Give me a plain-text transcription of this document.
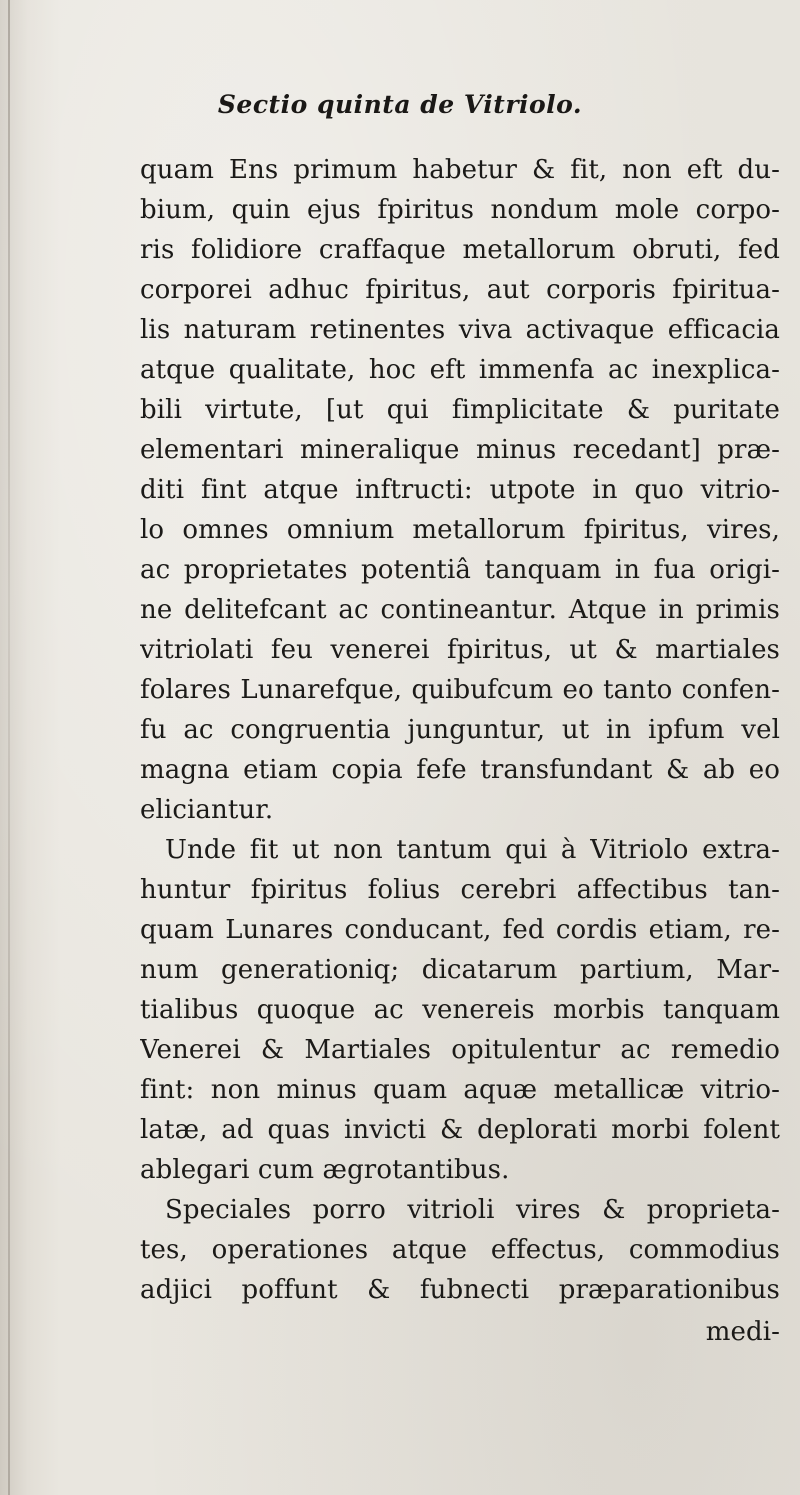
Sectio quinta de Vitriolo.
quam Ens primum habetur & fit, non eft du-
bium, quin ejus fpiritus nondum mole corpo-
ris folidiore craffaque metallorum obruti, fed
corporei adhuc fpiritus, aut corporis fpiritua-
lis naturam retinentes viva activaque efficacia
atque qualitate, hoc eft immenfa ac inexplica-
bili virtute, [ut qui fimplicitate & puritate
elementari mineralique minus recedant] præ-
diti fint atque inftructi: utpote in quo vitrio-
lo omnes omnium metallorum fpiritus, vires,
ac proprietates potentiâ tanquam in fua origi-
ne delitefcant ac contineantur. Atque in primis
vitriolati feu venerei fpiritus, ut & martiales
folares Lunarefque, quibufcum eo tanto confen-
fu ac congruentia junguntur, ut in ipfum vel
magna etiam copia fefe transfundant & ab eo
eliciantur.
Unde fit ut non tantum qui à Vitriolo extra-
huntur fpiritus folius cerebri affectibus tan-
quam Lunares conducant, fed cordis etiam, re-
num generationiq; dicatarum partium, Mar-
tialibus quoque ac venereis morbis tanquam
Venerei & Martiales opitulentur ac remedio
fint: non minus quam aquæ metallicæ vitrio-
latæ, ad quas invicti & deplorati morbi folent
ablegari cum ægrotantibus.
Speciales porro vitrioli vires & proprieta-
tes, operationes atque effectus, commodius
adjici poffunt & fubnecti præparationibus
medi-
